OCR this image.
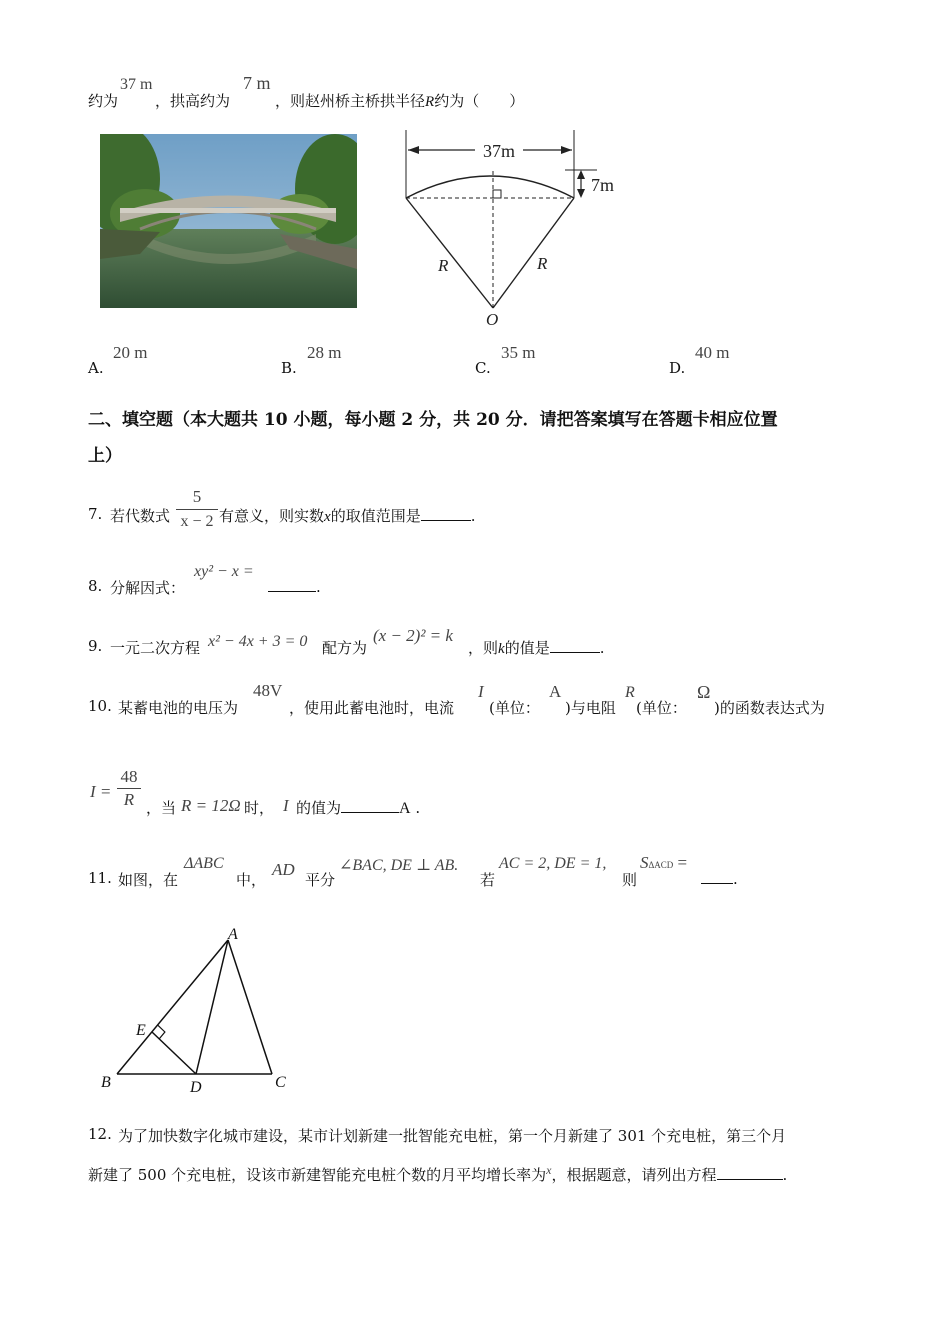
约为
37 m
，拱高约为
7 m
，则赵州桥主桥拱半径R约为（　　）
37m
7m
R	R
O
A.
20 m
B.
28 m
C.
35 m
D.
40 m
二、填空题（本大题共 10 小题，每小题 2 分，共 20 分．请把答案填写在答题卡相应位置
上）
7. 若代数式
5
x − 2 有意义，则实数x的取值范围是	.
8. 分解因式：
xy² − x =
.
9. 一元二次方程 x² − 4x + 3 = 0 配方为
(x − 2)² = k
，则k的值是	.
10. 某蓄电池的电压为
48V
，使用此蓄电池时，电流
I
(单位：
A
)与电阻
R
(单位：
Ω
)的函数表达式为
I =
48
R ，当 R = 12Ω 时， I 的值为	A .
11. 如图，在
ΔABC
中，
AD
平分
∠BAC, DE ⊥ AB.
若
AC = 2, DE = 1,
则
SΔACD =
.
A
B	C
D
E
12. 为了加快数字化城市建设，某市计划新建一批智能充电桩，第一个月新建了 301 个充电桩，第三个月
新建了 500 个充电桩，设该市新建智能充电桩个数的月平均增长率为$^x$，根据题意，请列出方程	.
